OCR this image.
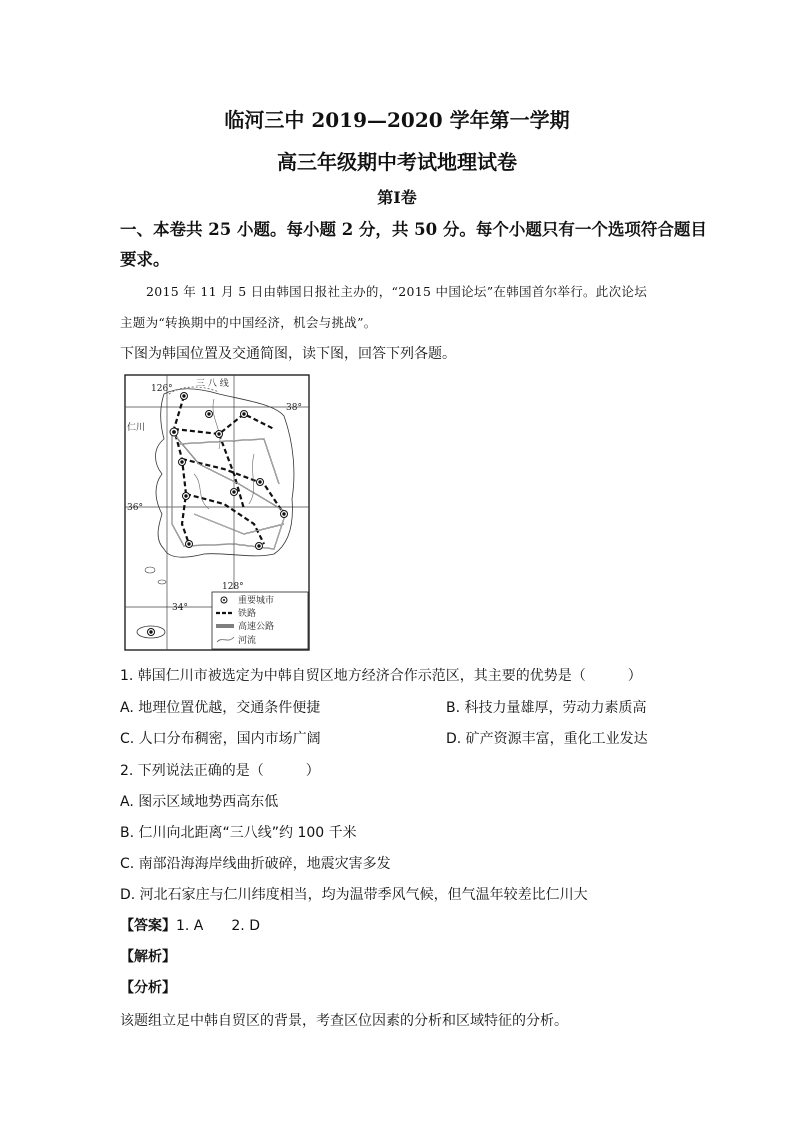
临河三中 2019—2020 学年第一学期
高三年级期中考试地理试卷
第Ⅰ卷
一、本卷共 25 小题。每小题 2 分，共 50 分。每个小题只有一个选项符合题目
要求。
2015 年 11 月 5 日由韩国日报社主办的，“2015 中国论坛”在韩国首尔举行。此次论坛
主题为“转换期中的中国经济，机会与挑战”。
下图为韩国位置及交通简图，读下图，回答下列各题。
126°	三 八 线
38°
仁川
36°
128°
34°
重要城市
铁路
高速公路
河流
1. 韩国仁川市被选定为中韩自贸区地方经济合作示范区，其主要的优势是（　　　）
A. 地理位置优越，交通条件便捷	B. 科技力量雄厚，劳动力素质高
C. 人口分布稠密，国内市场广阔	D. 矿产资源丰富，重化工业发达
2. 下列说法正确的是（　　　）
A. 图示区域地势西高东低
B. 仁川向北距离“三八线”约 100 千米
C. 南部沿海海岸线曲折破碎，地震灾害多发
D. 河北石家庄与仁川纬度相当，均为温带季风气候，但气温年较差比仁川大
【答案】1. A　　2. D
【解析】
【分析】
该题组立足中韩自贸区的背景，考查区位因素的分析和区域特征的分析。
